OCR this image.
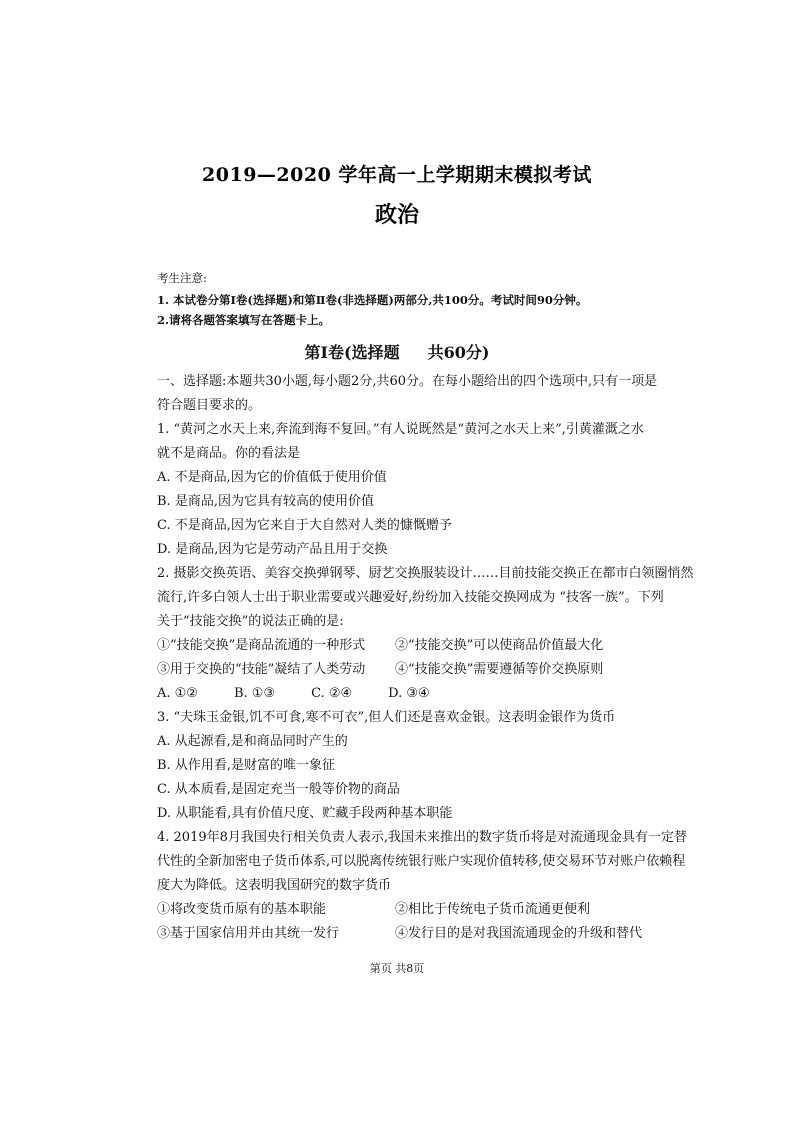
2019—2020 学年高一上学期期末模拟考试
政治
考生注意:
1. 本试卷分第Ⅰ卷(选择题)和第Ⅱ卷(非选择题)两部分,共100分。考试时间90分钟。
2.请将各题答案填写在答题卡上。
第Ⅰ卷(选择题 共60分)
一、选择题:本题共30小题,每小题2分,共60分。在每小题给出的四个选项中,只有一项是
符合题目要求的。
1. “黄河之水天上来,奔流到海不复回。”有人说既然是“黄河之水天上来”,引黄灌溉之水
就不是商品。你的看法是
A. 不是商品,因为它的价值低于使用价值
B. 是商品,因为它具有较高的使用价值
C. 不是商品,因为它来自于大自然对人类的慷慨赠予
D. 是商品,因为它是劳动产品且用于交换
2. 摄影交换英语、美容交换弹钢琴、厨艺交换服装设计……目前技能交换正在都市白领圈悄然
流行,许多白领人士出于职业需要或兴趣爱好,纷纷加入技能交换网成为 “技客一族”。下列
关于“技能交换”的说法正确的是:
①“技能交换”是商品流通的一种形式 ②“技能交换”可以使商品价值最大化
③用于交换的“技能”凝结了人类劳动 ④“技能交换”需要遵循等价交换原则
A. ①②	B. ①③	C. ②④	D. ③④
3. “夫珠玉金银,饥不可食,寒不可衣”,但人们还是喜欢金银。这表明金银作为货币
A. 从起源看,是和商品同时产生的
B. 从作用看,是财富的唯一象征
C. 从本质看,是固定充当一般等价物的商品
D. 从职能看,具有价值尺度、贮藏手段两种基本职能
4. 2019年8月我国央行相关负责人表示,我国未来推出的数字货币将是对流通现金具有一定替
代性的全新加密电子货币体系,可以脱离传统银行账户实现价值转移,使交易环节对账户依赖程
度大为降低。这表明我国研究的数字货币
①将改变货币原有的基本职能	②相比于传统电子货币流通更便利
③基于国家信用并由其统一发行	④发行目的是对我国流通现金的升级和替代
第页 共8页
